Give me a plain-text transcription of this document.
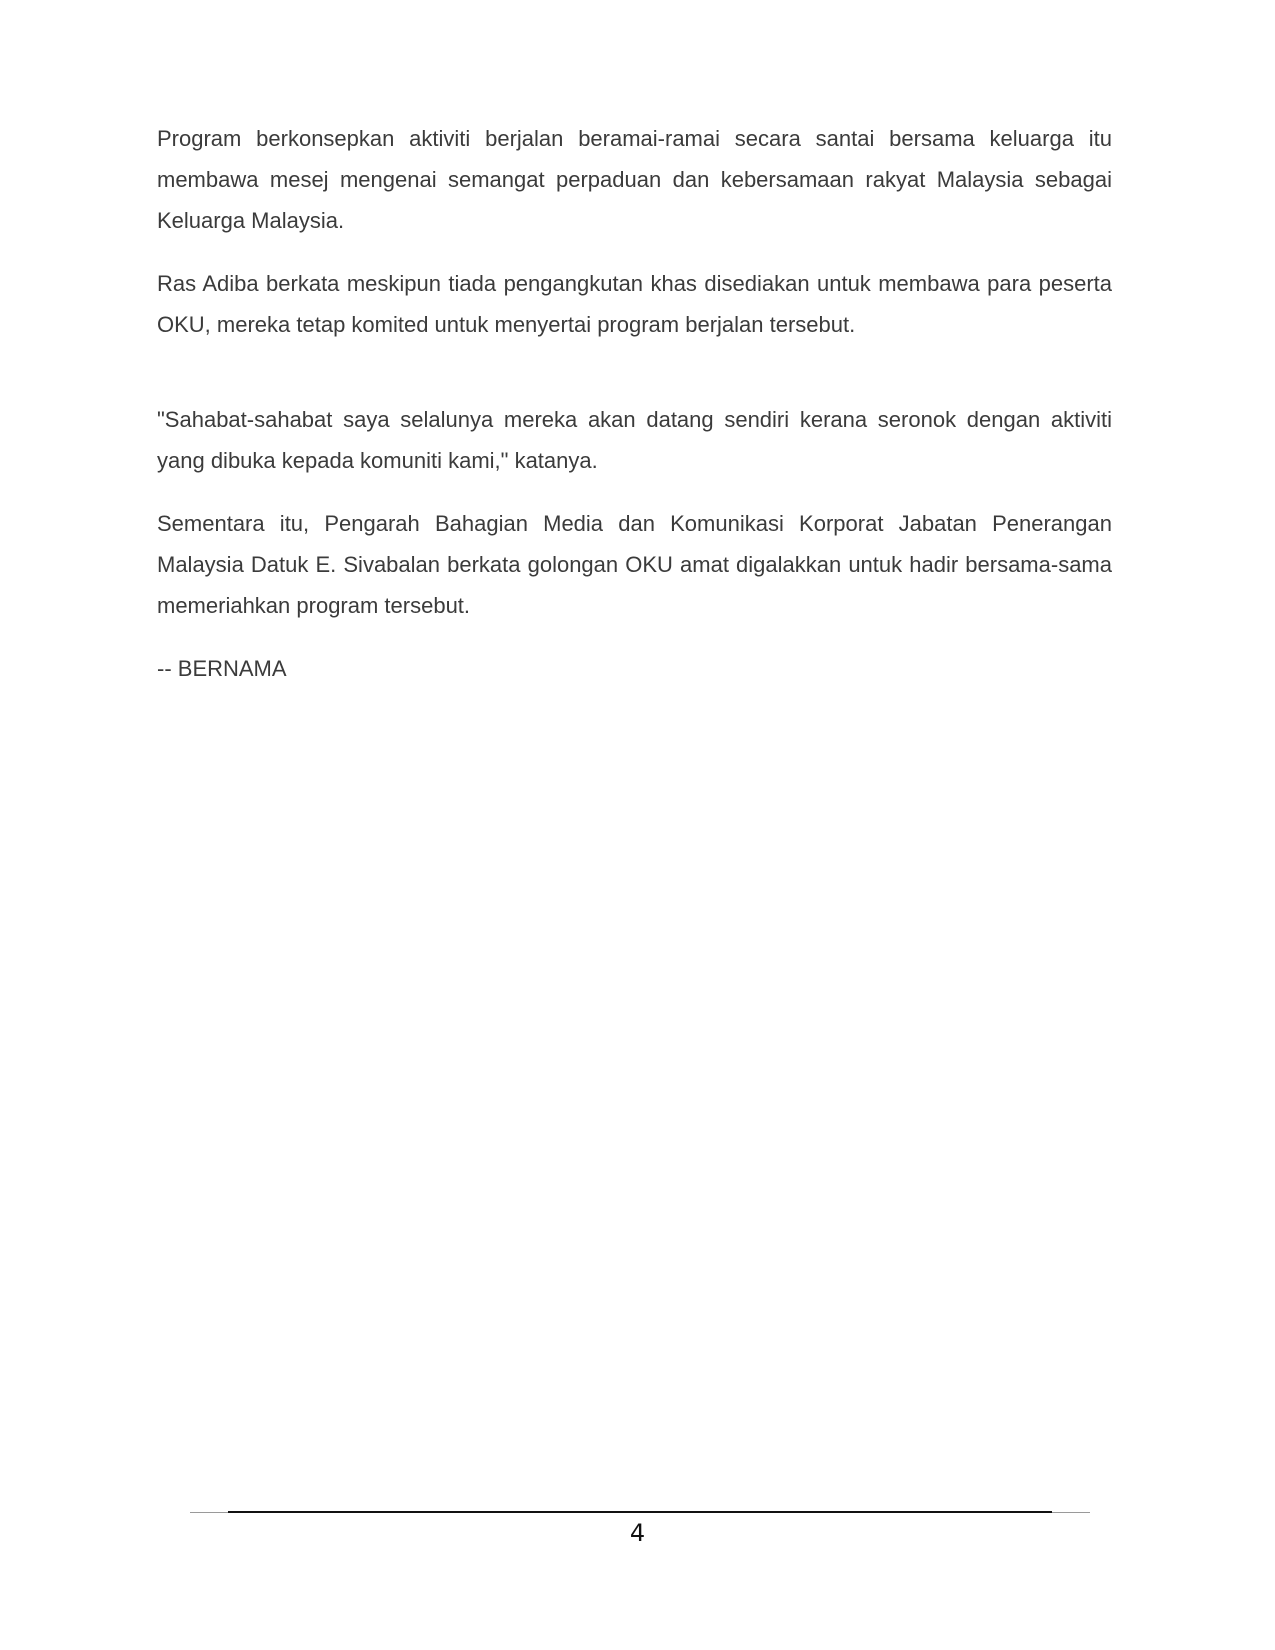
Program berkonsepkan aktiviti berjalan beramai-ramai secara santai bersama keluarga itu membawa mesej mengenai semangat perpaduan dan kebersamaan rakyat Malaysia sebagai Keluarga Malaysia.

Ras Adiba berkata meskipun tiada pengangkutan khas disediakan untuk membawa para peserta OKU, mereka tetap komited untuk menyertai program berjalan tersebut.

"Sahabat-sahabat saya selalunya mereka akan datang sendiri kerana seronok dengan aktiviti yang dibuka kepada komuniti kami," katanya.

Sementara itu, Pengarah Bahagian Media dan Komunikasi Korporat Jabatan Penerangan Malaysia Datuk E. Sivabalan berkata golongan OKU amat digalakkan untuk hadir bersama-sama memeriahkan program tersebut.

-- BERNAMA

4
